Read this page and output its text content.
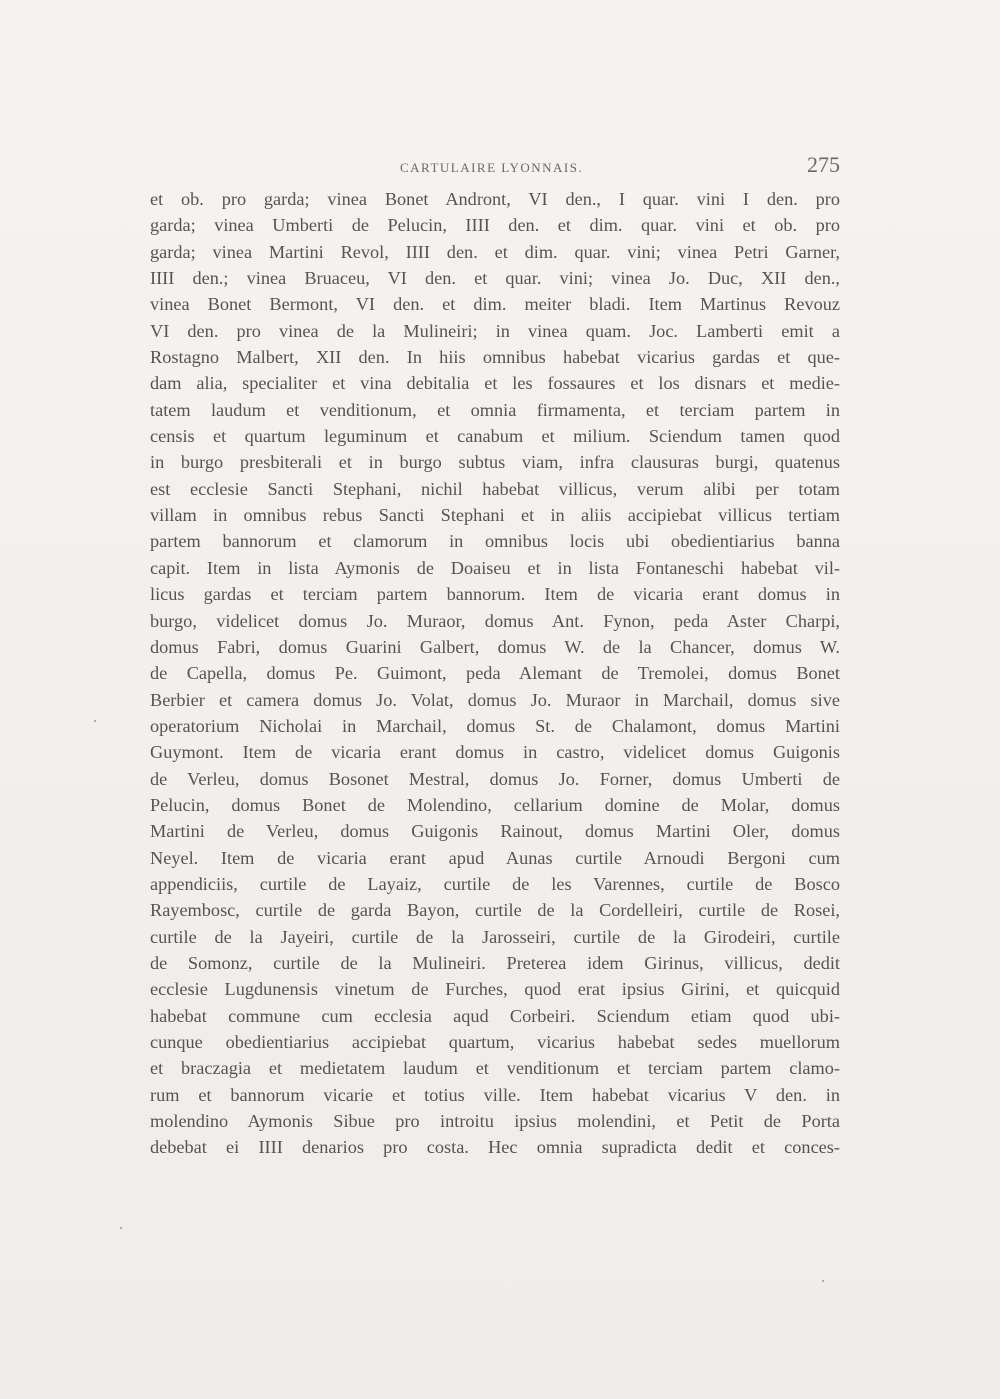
CARTULAIRE LYONNAIS.	275
et ob. pro garda; vinea Bonet Andront, VI den., I quar. vini I den. pro
garda; vinea Umberti de Pelucin, IIII den. et dim. quar. vini et ob. pro
garda; vinea Martini Revol, IIII den. et dim. quar. vini; vinea Petri Garner,
IIII den.; vinea Bruaceu, VI den. et quar. vini; vinea Jo. Duc, XII den.,
vinea Bonet Bermont, VI den. et dim. meiter bladi. Item Martinus Revouz
VI den. pro vinea de la Mulineiri; in vinea quam. Joc. Lamberti emit a
Rostagno Malbert, XII den. In hiis omnibus habebat vicarius gardas et que-
dam alia, specialiter et vina debitalia et les fossaures et los disnars et medie-
tatem laudum et venditionum, et omnia firmamenta, et terciam partem in
censis et quartum leguminum et canabum et milium. Sciendum tamen quod
in burgo presbiterali et in burgo subtus viam, infra clausuras burgi, quatenus
est ecclesie Sancti Stephani, nichil habebat villicus, verum alibi per totam
villam in omnibus rebus Sancti Stephani et in aliis accipiebat villicus tertiam
partem bannorum et clamorum in omnibus locis ubi obedientiarius banna
capit. Item in lista Aymonis de Doaiseu et in lista Fontaneschi habebat vil-
licus gardas et terciam partem bannorum. Item de vicaria erant domus in
burgo, videlicet domus Jo. Muraor, domus Ant. Fynon, peda Aster Charpi,
domus Fabri, domus Guarini Galbert, domus W. de la Chancer, domus W.
de Capella, domus Pe. Guimont, peda Alemant de Tremolei, domus Bonet
Berbier et camera domus Jo. Volat, domus Jo. Muraor in Marchail, domus sive
operatorium Nicholai in Marchail, domus St. de Chalamont, domus Martini
Guymont. Item de vicaria erant domus in castro, videlicet domus Guigonis
de Verleu, domus Bosonet Mestral, domus Jo. Forner, domus Umberti de
Pelucin, domus Bonet de Molendino, cellarium domine de Molar, domus
Martini de Verleu, domus Guigonis Rainout, domus Martini Oler, domus
Neyel. Item de vicaria erant apud Aunas curtile Arnoudi Bergoni cum
appendiciis, curtile de Layaiz, curtile de les Varennes, curtile de Bosco
Rayembosc, curtile de garda Bayon, curtile de la Cordelleiri, curtile de Rosei,
curtile de la Jayeiri, curtile de la Jarosseiri, curtile de la Girodeiri, curtile
de Somonz, curtile de la Mulineiri. Preterea idem Girinus, villicus, dedit
ecclesie Lugdunensis vinetum de Furches, quod erat ipsius Girini, et quicquid
habebat commune cum ecclesia aqud Corbeiri. Sciendum etiam quod ubi-
cunque obedientiarius accipiebat quartum, vicarius habebat sedes muellorum
et braczagia et medietatem laudum et venditionum et terciam partem clamo-
rum et bannorum vicarie et totius ville. Item habebat vicarius V den. in
molendino Aymonis Sibue pro introitu ipsius molendini, et Petit de Porta
debebat ei IIII denarios pro costa. Hec omnia supradicta dedit et conces-
